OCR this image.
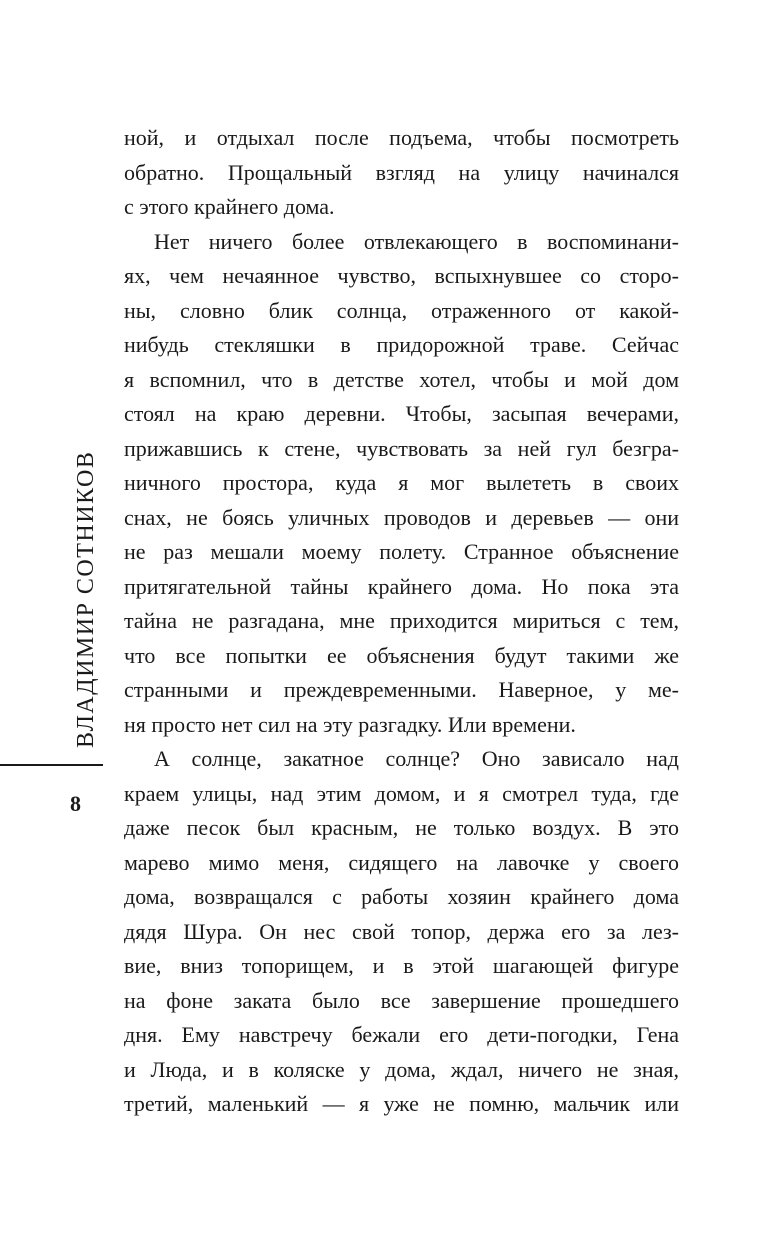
ВЛАДИМИР СОТНИКОВ
8
ной, и отдыхал после подъема, чтобы посмотреть
обратно. Прощальный взгляд на улицу начинался
с этого крайнего дома.
Нет ничего более отвлекающего в воспоминани-
ях, чем нечаянное чувство, вспыхнувшее со сторо-
ны, словно блик солнца, отраженного от какой-
нибудь стекляшки в придорожной траве. Сейчас
я вспомнил, что в детстве хотел, чтобы и мой дом
стоял на краю деревни. Чтобы, засыпая вечерами,
прижавшись к стене, чувствовать за ней гул безгра-
ничного простора, куда я мог вылететь в своих
снах, не боясь уличных проводов и деревьев — они
не раз мешали моему полету. Странное объяснение
притягательной тайны крайнего дома. Но пока эта
тайна не разгадана, мне приходится мириться с тем,
что все попытки ее объяснения будут такими же
странными и преждевременными. Наверное, у ме-
ня просто нет сил на эту разгадку. Или времени.
А солнце, закатное солнце? Оно зависало над
краем улицы, над этим домом, и я смотрел туда, где
даже песок был красным, не только воздух. В это
марево мимо меня, сидящего на лавочке у своего
дома, возвращался с работы хозяин крайнего дома
дядя Шура. Он нес свой топор, держа его за лез-
вие, вниз топорищем, и в этой шагающей фигуре
на фоне заката было все завершение прошедшего
дня. Ему навстречу бежали его дети-погодки, Гена
и Люда, и в коляске у дома, ждал, ничего не зная,
третий, маленький — я уже не помню, мальчик или
